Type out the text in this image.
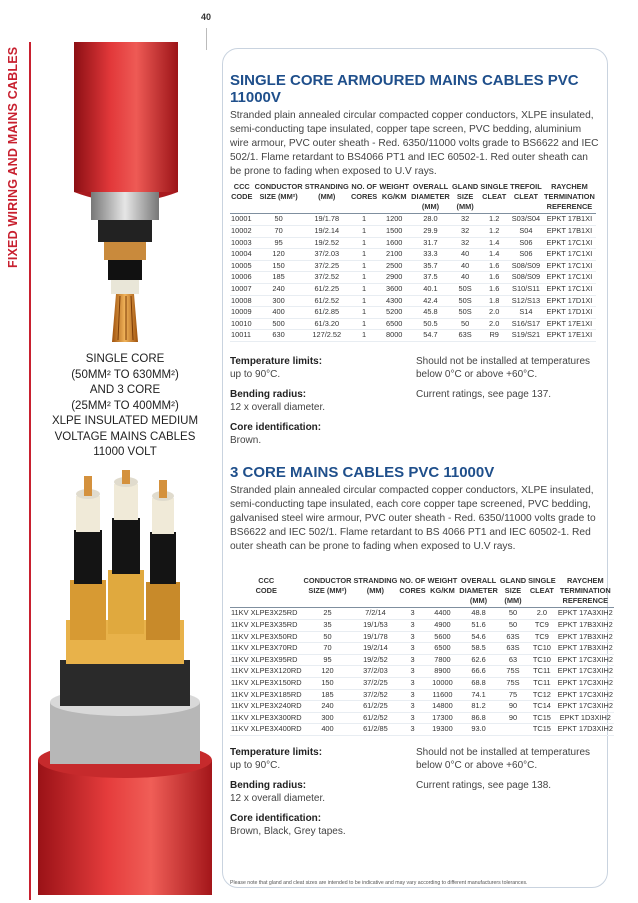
40
FIXED WIRING AND MAINS CABLES
SINGLE CORE
(50MM² TO 630MM²)
AND 3 CORE
(25MM² TO 400MM²)
XLPE INSULATED MEDIUM
VOLTAGE MAINS CABLES
11000 VOLT
SINGLE CORE ARMOURED MAINS CABLES PVC 11000V
Stranded plain annealed circular compacted copper conductors, XLPE insulated, semi-conducting tape insulated, copper tape screen, PVC bedding, aluminium wire armour, PVC outer sheath - Red. 6350/11000 volts grade to BS6622 and IEC 502/1. Flame retardant to BS4066 PT1 and IEC 60502-1. Red outer sheath can be prone to fading when exposed to U.V rays.
CCC
CODE	CONDUCTOR
SIZE (MM²)	STRANDING
(MM)	NO. OF
CORES	WEIGHT
KG/KM	OVERALL
DIAMETER
(MM)	GLAND
SIZE
(MM)	SINGLE
CLEAT	TREFOIL
CLEAT	RAYCHEM
TERMINATION
REFERENCE
10001	50	19/1.78	1	1200	28.0	32	1.2	S03/S04	EPKT 17B1XI
10002	70	19/2.14	1	1500	29.9	32	1.2	S04	EPKT 17B1XI
10003	95	19/2.52	1	1600	31.7	32	1.4	S06	EPKT 17C1XI
10004	120	37/2.03	1	2100	33.3	40	1.4	S06	EPKT 17C1XI
10005	150	37/2.25	1	2500	35.7	40	1.6	S08/S09	EPKT 17C1XI
10006	185	37/2.52	1	2900	37.5	40	1.6	S08/S09	EPKT 17C1XI
10007	240	61/2.25	1	3600	40.1	50S	1.6	S10/S11	EPKT 17C1XI
10008	300	61/2.52	1	4300	42.4	50S	1.8	S12/S13	EPKT 17D1XI
10009	400	61/2.85	1	5200	45.8	50S	2.0	S14	EPKT 17D1XI
10010	500	61/3.20	1	6500	50.5	50	2.0	S16/S17	EPKT 17E1XI
10011	630	127/2.52	1	8000	54.7	63S	R9	S19/S21	EPKT 17E1XI
Temperature limits:
up to 90°C.
Bending radius:
12 x overall diameter.
Core identification:
Brown.
Should not be installed at temperatures below 0°C or above +60°C.
Current ratings, see page 137.
3 CORE MAINS CABLES PVC 11000V
Stranded plain annealed circular compacted copper conductors, XLPE insulated, semi-conducting tape insulated, each core copper tape screened, PVC bedding, galvanised steel wire armour, PVC outer sheath - Red. 6350/11000 volts grade to BS6622 and IEC 502/1. Flame retardant to BS 4066 PT1 and IEC 60502-1. Red outer sheath can be prone to fading when exposed to U.V rays.
CCC
CODE	CONDUCTOR
SIZE (MM²)	STRANDING
(MM)	NO. OF
CORES	WEIGHT
KG/KM	OVERALL
DIAMETER
(MM)	GLAND
SIZE
(MM)	SINGLE
CLEAT	RAYCHEM
TERMINATION
REFERENCE
11KV XLPE3X25RD	25	7/2/14	3	4400	48.8	50	2.0	EPKT 17A3XIH2
11KV XLPE3X35RD	35	19/1/53	3	4900	51.6	50	TC9	EPKT 17B3XIH2
11KV XLPE3X50RD	50	19/1/78	3	5600	54.6	63S	TC9	EPKT 17B3XIH2
11KV XLPE3X70RD	70	19/2/14	3	6500	58.5	63S	TC10	EPKT 17B3XIH2
11KV XLPE3X95RD	95	19/2/52	3	7800	62.6	63	TC10	EPKT 17C3XIH2
11KV XLPE3X120RD	120	37/2/03	3	8900	66.6	75S	TC11	EPKT 17C3XIH2
11KV XLPE3X150RD	150	37/2/25	3	10000	68.8	75S	TC11	EPKT 17C3XIH2
11KV XLPE3X185RD	185	37/2/52	3	11600	74.1	75	TC12	EPKT 17C3XIH2
11KV XLPE3X240RD	240	61/2/25	3	14800	81.2	90	TC14	EPKT 17C3XIH2
11KV XLPE3X300RD	300	61/2/52	3	17300	86.8	90	TC15	EPKT 1D3XIH2
11KV XLPE3X400RD	400	61/2/85	3	19300	93.0		TC15	EPKT 17D3XIH2
Temperature limits:
up to 90°C.
Bending radius:
12 x overall diameter.
Core identification:
Brown, Black, Grey tapes.
Should not be installed at temperatures below 0°C or above +60°C.
Current ratings, see page 138.
Please note that gland and cleat sizes are intended to be indicative and may vary according to different manufacturers tolerances.
